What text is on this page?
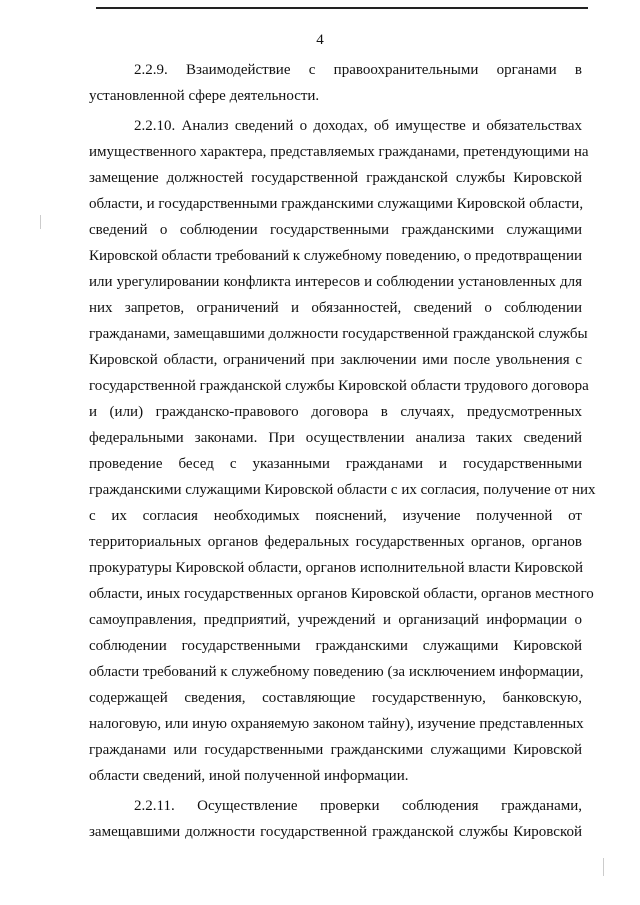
4
2.2.9. Взаимодействие с правоохранительными органами в
установленной сфере деятельности.
2.2.10. Анализ сведений о доходах, об имуществе и обязательствах
имущественного характера, представляемых гражданами, претендующими на
замещение должностей государственной гражданской службы Кировской
области, и государственными гражданскими служащими Кировской области,
сведений о соблюдении государственными гражданскими служащими
Кировской области требований к служебному поведению, о предотвращении
или урегулировании конфликта интересов и соблюдении установленных для
них запретов, ограничений и обязанностей, сведений о соблюдении
гражданами, замещавшими должности государственной гражданской службы
Кировской области, ограничений при заключении ими после увольнения с
государственной гражданской службы Кировской области трудового договора
и (или) гражданско-правового договора в случаях, предусмотренных
федеральными законами. При осуществлении анализа таких сведений
проведение бесед с указанными гражданами и государственными
гражданскими служащими Кировской области с их согласия, получение от них
с их согласия необходимых пояснений, изучение полученной от
территориальных органов федеральных государственных органов, органов
прокуратуры Кировской области, органов исполнительной власти Кировской
области, иных государственных органов Кировской области, органов местного
самоуправления, предприятий, учреждений и организаций информации о
соблюдении государственными гражданскими служащими Кировской
области требований к служебному поведению (за исключением информации,
содержащей сведения, составляющие государственную, банковскую,
налоговую, или иную охраняемую законом тайну), изучение представленных
гражданами или государственными гражданскими служащими Кировской
области сведений, иной полученной информации.
2.2.11. Осуществление проверки соблюдения гражданами,
замещавшими должности государственной гражданской службы Кировской
